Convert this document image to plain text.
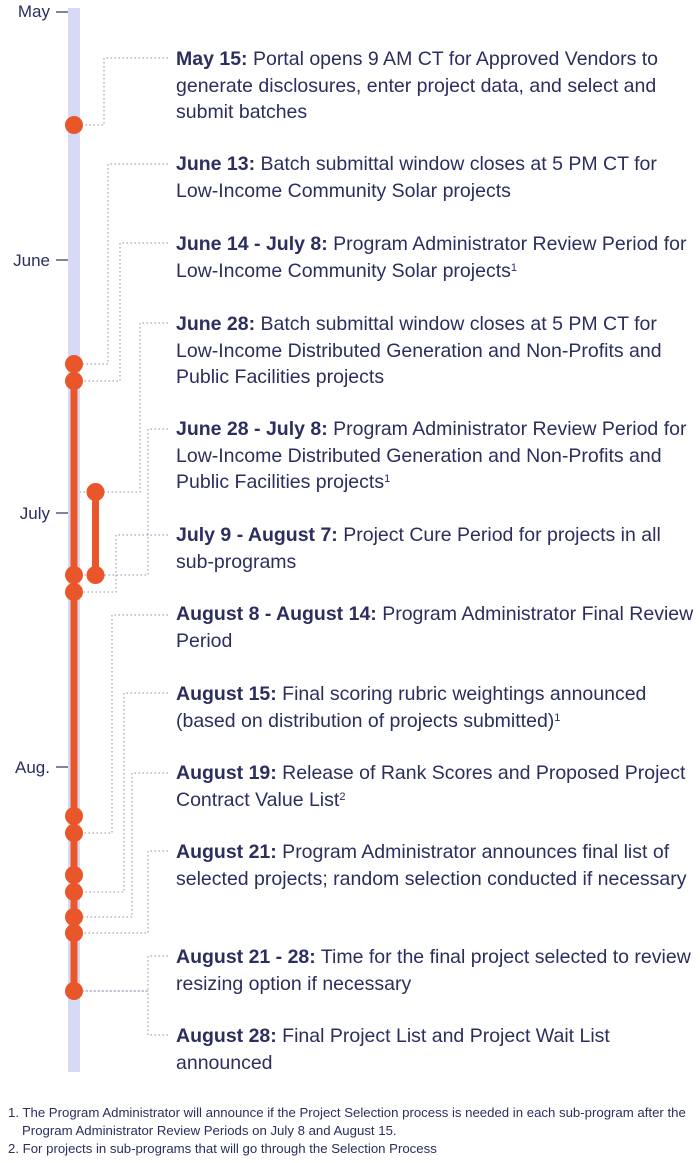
May
June
July
Aug.
May 15: Portal opens 9 AM CT for Approved Vendors to generate disclosures, enter project data, and select and submit batches
June 13: Batch submittal window closes at 5 PM CT for Low-Income Community Solar projects
June 14 - July 8: Program Administrator Review Period for Low-Income Community Solar projects$^1$
June 28: Batch submittal window closes at 5 PM CT for Low-Income Distributed Generation and Non-Profits and Public Facilities projects
June 28 - July 8: Program Administrator Review Period for Low-Income Distributed Generation and Non-Profits and Public Facilities projects$^1$
July 9 - August 7: Project Cure Period for projects in all sub-programs
August 8 - August 14: Program Administrator Final Review Period
August 15: Final scoring rubric weightings announced (based on distribution of projects submitted)$^1$
August 19: Release of Rank Scores and Proposed Project Contract Value List$^2$
August 21: Program Administrator announces final list of selected projects; random selection conducted if necessary
August 21 - 28: Time for the final project selected to review resizing option if necessary
August 28: Final Project List and Project Wait List announced
1. The Program Administrator will announce if the Project Selection process is needed in each sub-program after the Program Administrator Review Periods on July 8 and August 15.
2. For projects in sub-programs that will go through the Selection Process
